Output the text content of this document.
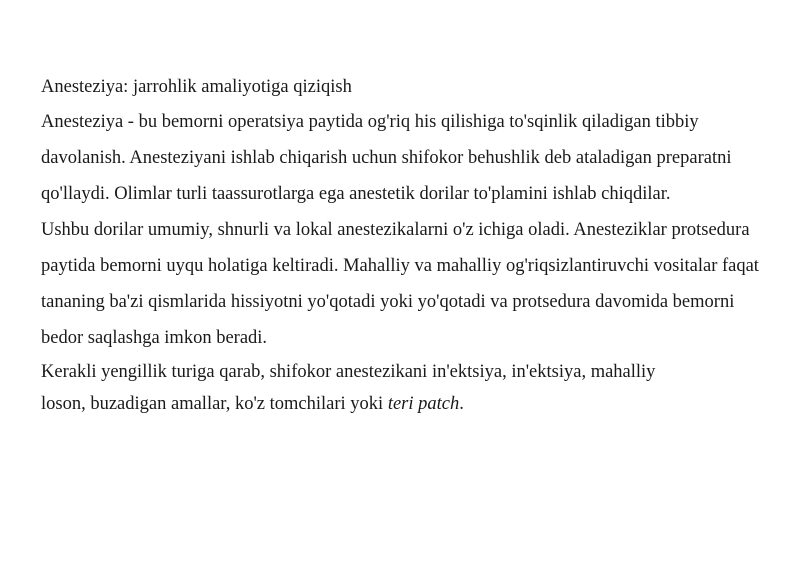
Anesteziya: jarrohlik amaliyotiga qiziqish

Anesteziya - bu bemorni operatsiya paytida og'riq his qilishiga to'sqinlik qiladigan tibbiy davolanish. Anesteziyani ishlab chiqarish uchun shifokor behushlik deb ataladigan preparatni qo'llaydi. Olimlar turli taassurotlarga ega anestetik dorilar to'plamini ishlab chiqdilar.

Ushbu dorilar umumiy, shnurli va lokal anestezikalarni o'z ichiga oladi. Anesteziklar protsedura paytida bemorni uyqu holatiga keltiradi. Mahalliy va mahalliy og'riqsizlantiruvchi vositalar faqat tananing ba'zi qismlarida hissiyotni yo'qotadi yoki yo'qotadi va protsedura davomida bemorni bedor saqlashga imkon beradi.

Kerakli yengillik turiga qarab, shifokor anestezikani in'ektsiya, in'ektsiya, mahalliy

loson, buzadigan amallar, ko'z tomchilari yoki teri patch.
